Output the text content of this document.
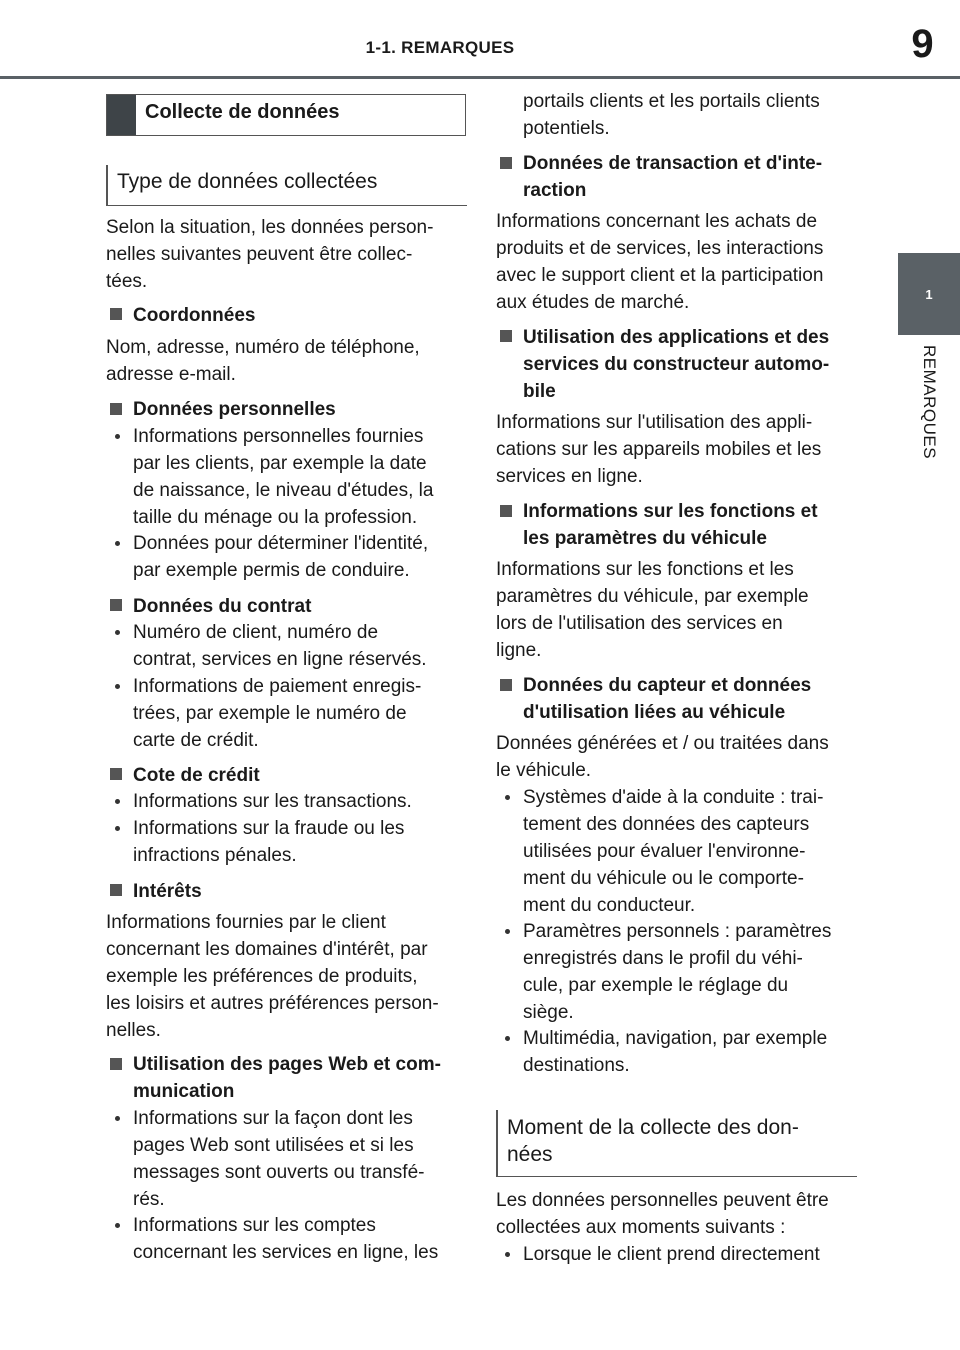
1-1. REMARQUES	9
1
REMARQUES
Collecte de données
Type de données collectées
Selon la situation, les données person-
nelles suivantes peuvent être collec-
tées.
Coordonnées
Nom, adresse, numéro de téléphone,
adresse e-mail.
Données personnelles
Informations personnelles fournies
par les clients, par exemple la date
de naissance, le niveau d'études, la
taille du ménage ou la profession.
Données pour déterminer l'identité,
par exemple permis de conduire.
Données du contrat
Numéro de client, numéro de
contrat, services en ligne réservés.
Informations de paiement enregis-
trées, par exemple le numéro de
carte de crédit.
Cote de crédit
Informations sur les transactions.
Informations sur la fraude ou les
infractions pénales.
Intérêts
Informations fournies par le client
concernant les domaines d'intérêt, par
exemple les préférences de produits,
les loisirs et autres préférences person-
nelles.
Utilisation des pages Web et com-
munication
Informations sur la façon dont les
pages Web sont utilisées et si les
messages sont ouverts ou transfé-
rés.
Informations sur les comptes
concernant les services en ligne, les
portails clients et les portails clients
potentiels.
Données de transaction et d'inte-
raction
Informations concernant les achats de
produits et de services, les interactions
avec le support client et la participation
aux études de marché.
Utilisation des applications et des
services du constructeur automo-
bile
Informations sur l'utilisation des appli-
cations sur les appareils mobiles et les
services en ligne.
Informations sur les fonctions et
les paramètres du véhicule
Informations sur les fonctions et les
paramètres du véhicule, par exemple
lors de l'utilisation des services en
ligne.
Données du capteur et données
d'utilisation liées au véhicule
Données générées et / ou traitées dans
le véhicule.
Systèmes d'aide à la conduite : trai-
tement des données des capteurs
utilisées pour évaluer l'environne-
ment du véhicule ou le comporte-
ment du conducteur.
Paramètres personnels : paramètres
enregistrés dans le profil du véhi-
cule, par exemple le réglage du
siège.
Multimédia, navigation, par exemple
destinations.
Moment de la collecte des don-
nées
Les données personnelles peuvent être
collectées aux moments suivants :
Lorsque le client prend directement
